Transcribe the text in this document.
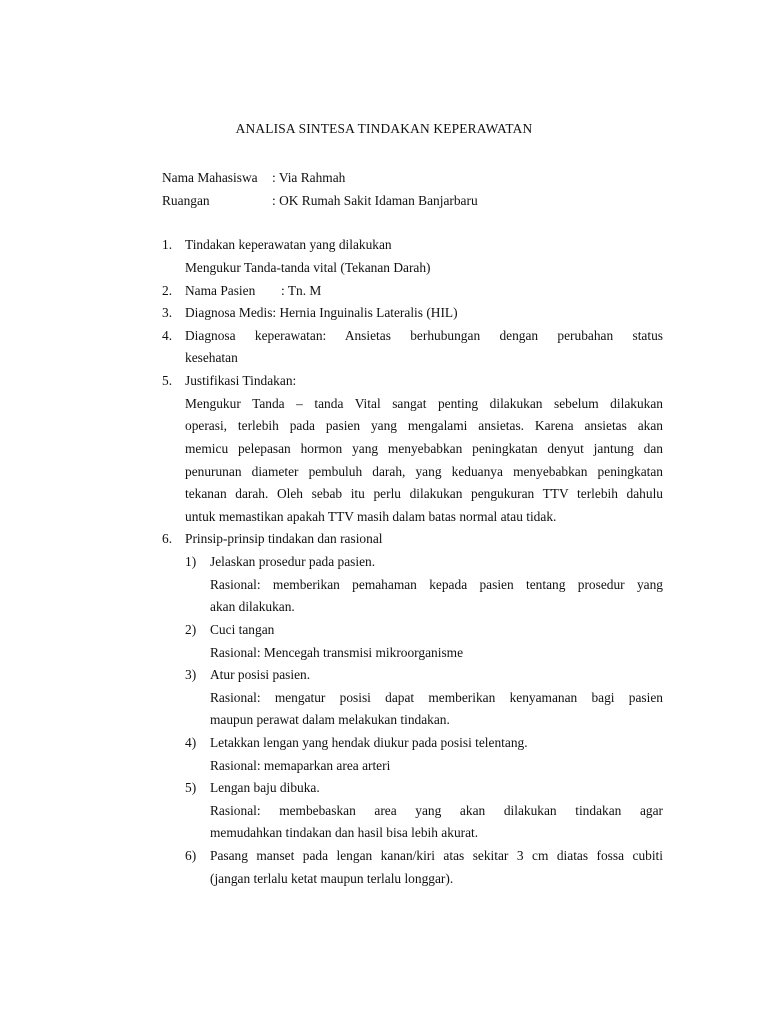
ANALISA SINTESA TINDAKAN KEPERAWATAN
Nama Mahasiswa : Via Rahmah
Ruangan	: OK Rumah Sakit Idaman Banjarbaru
1. Tindakan keperawatan yang dilakukan
Mengukur Tanda-tanda vital (Tekanan Darah)
2. Nama Pasien : Tn. M
3. Diagnosa Medis: Hernia Inguinalis Lateralis (HIL)
4. Diagnosa keperawatan: Ansietas berhubungan dengan perubahan status
kesehatan
5. Justifikasi Tindakan:
Mengukur Tanda – tanda Vital sangat penting dilakukan sebelum dilakukan
operasi, terlebih pada pasien yang mengalami ansietas. Karena ansietas akan
memicu pelepasan hormon yang menyebabkan peningkatan denyut jantung dan
penurunan diameter pembuluh darah, yang keduanya menyebabkan peningkatan
tekanan darah. Oleh sebab itu perlu dilakukan pengukuran TTV terlebih dahulu
untuk memastikan apakah TTV masih dalam batas normal atau tidak.
6. Prinsip-prinsip tindakan dan rasional
1) Jelaskan prosedur pada pasien.
Rasional: memberikan pemahaman kepada pasien tentang prosedur yang
akan dilakukan.
2) Cuci tangan
Rasional: Mencegah transmisi mikroorganisme
3) Atur posisi pasien.
Rasional: mengatur posisi dapat memberikan kenyamanan bagi pasien
maupun perawat dalam melakukan tindakan.
4) Letakkan lengan yang hendak diukur pada posisi telentang.
Rasional: memaparkan area arteri
5) Lengan baju dibuka.
Rasional: membebaskan area yang akan dilakukan tindakan agar
memudahkan tindakan dan hasil bisa lebih akurat.
6) Pasang manset pada lengan kanan/kiri atas sekitar 3 cm diatas fossa cubiti
(jangan terlalu ketat maupun terlalu longgar).
